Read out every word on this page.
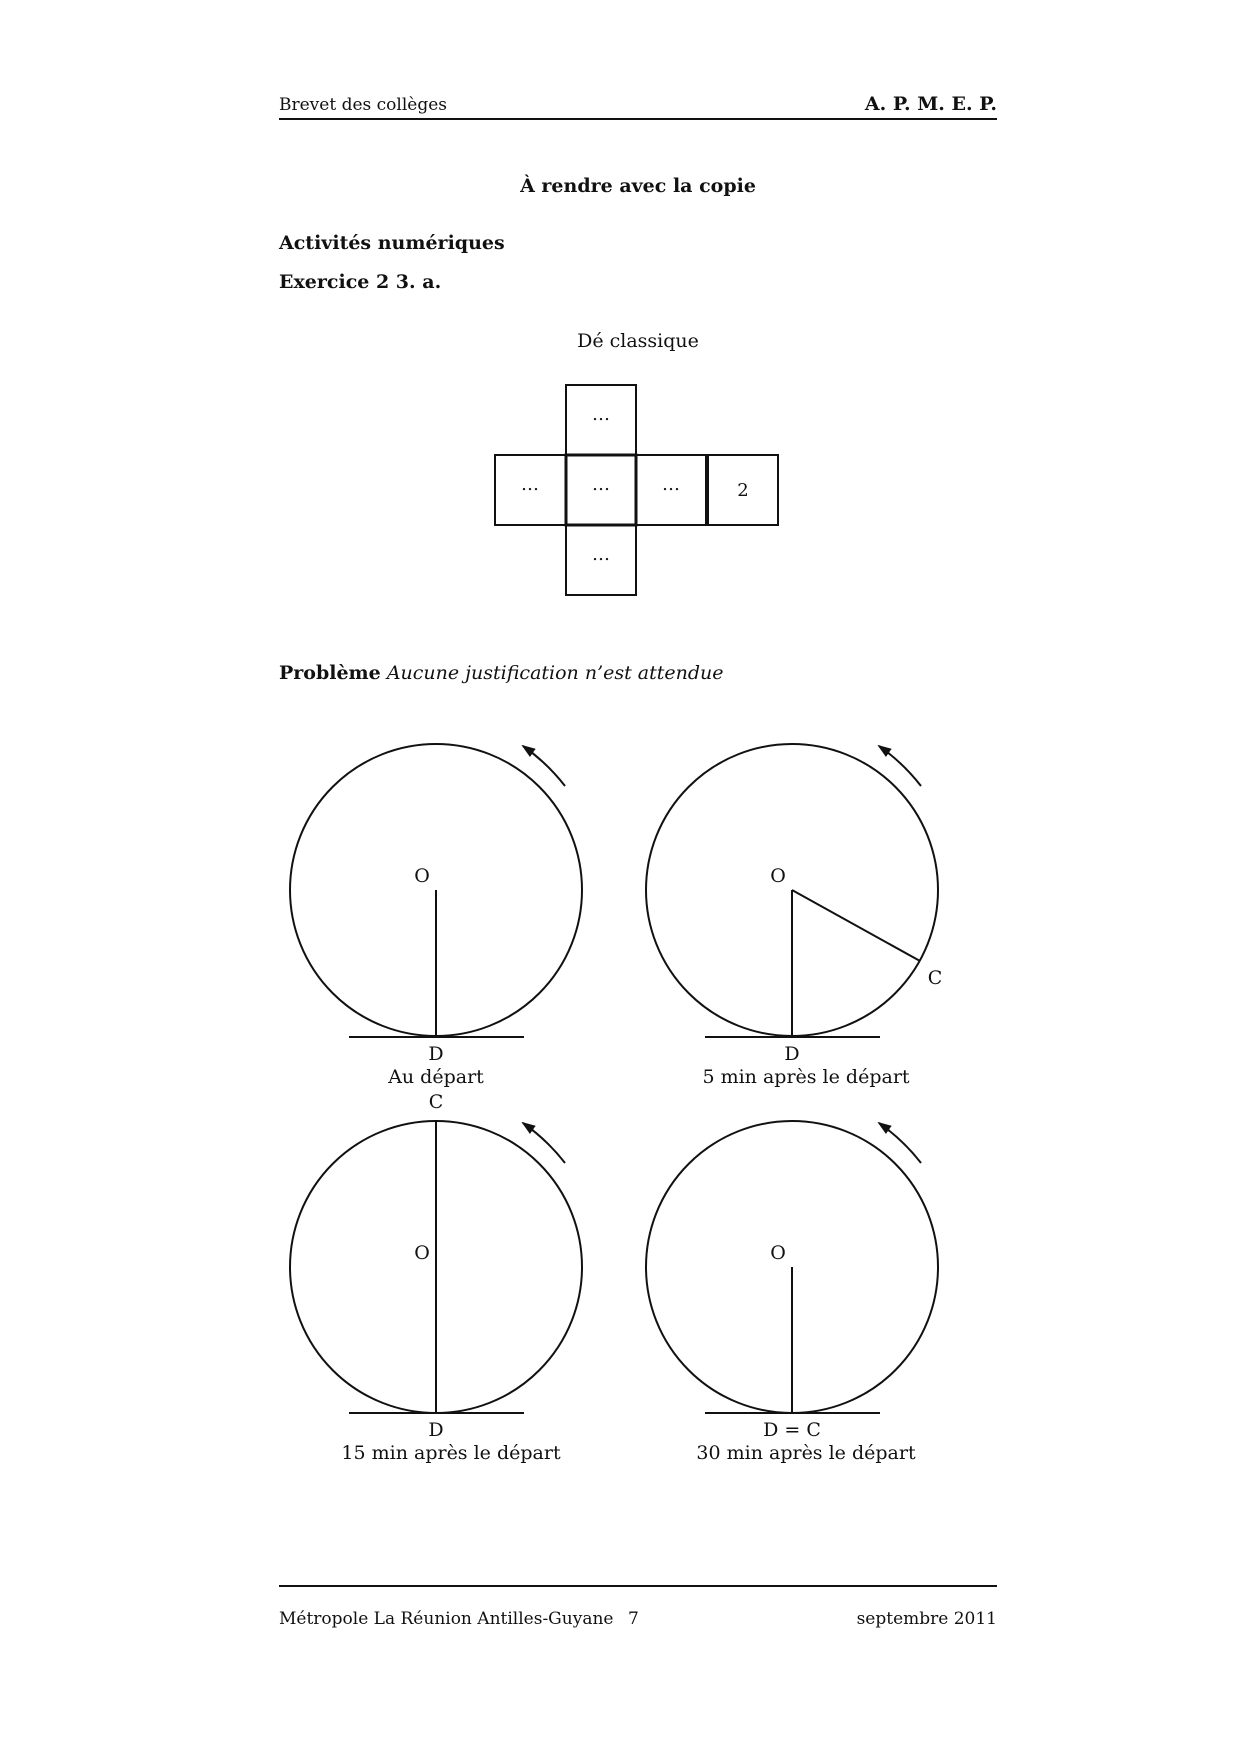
Brevet des collèges	A. P. M. E. P.
À rendre avec la copie
Activités numériques
Exercice 2 3. a.
Dé classique
…
…	…	…	2
…
Problème Aucune justification n’est attendue
O
D
Au départ
O
C
D
5 min après le départ
C
O
D
15 min après le départ
O
D = C
30 min après le départ
Métropole La Réunion Antilles-Guyane 7	septembre 2011
